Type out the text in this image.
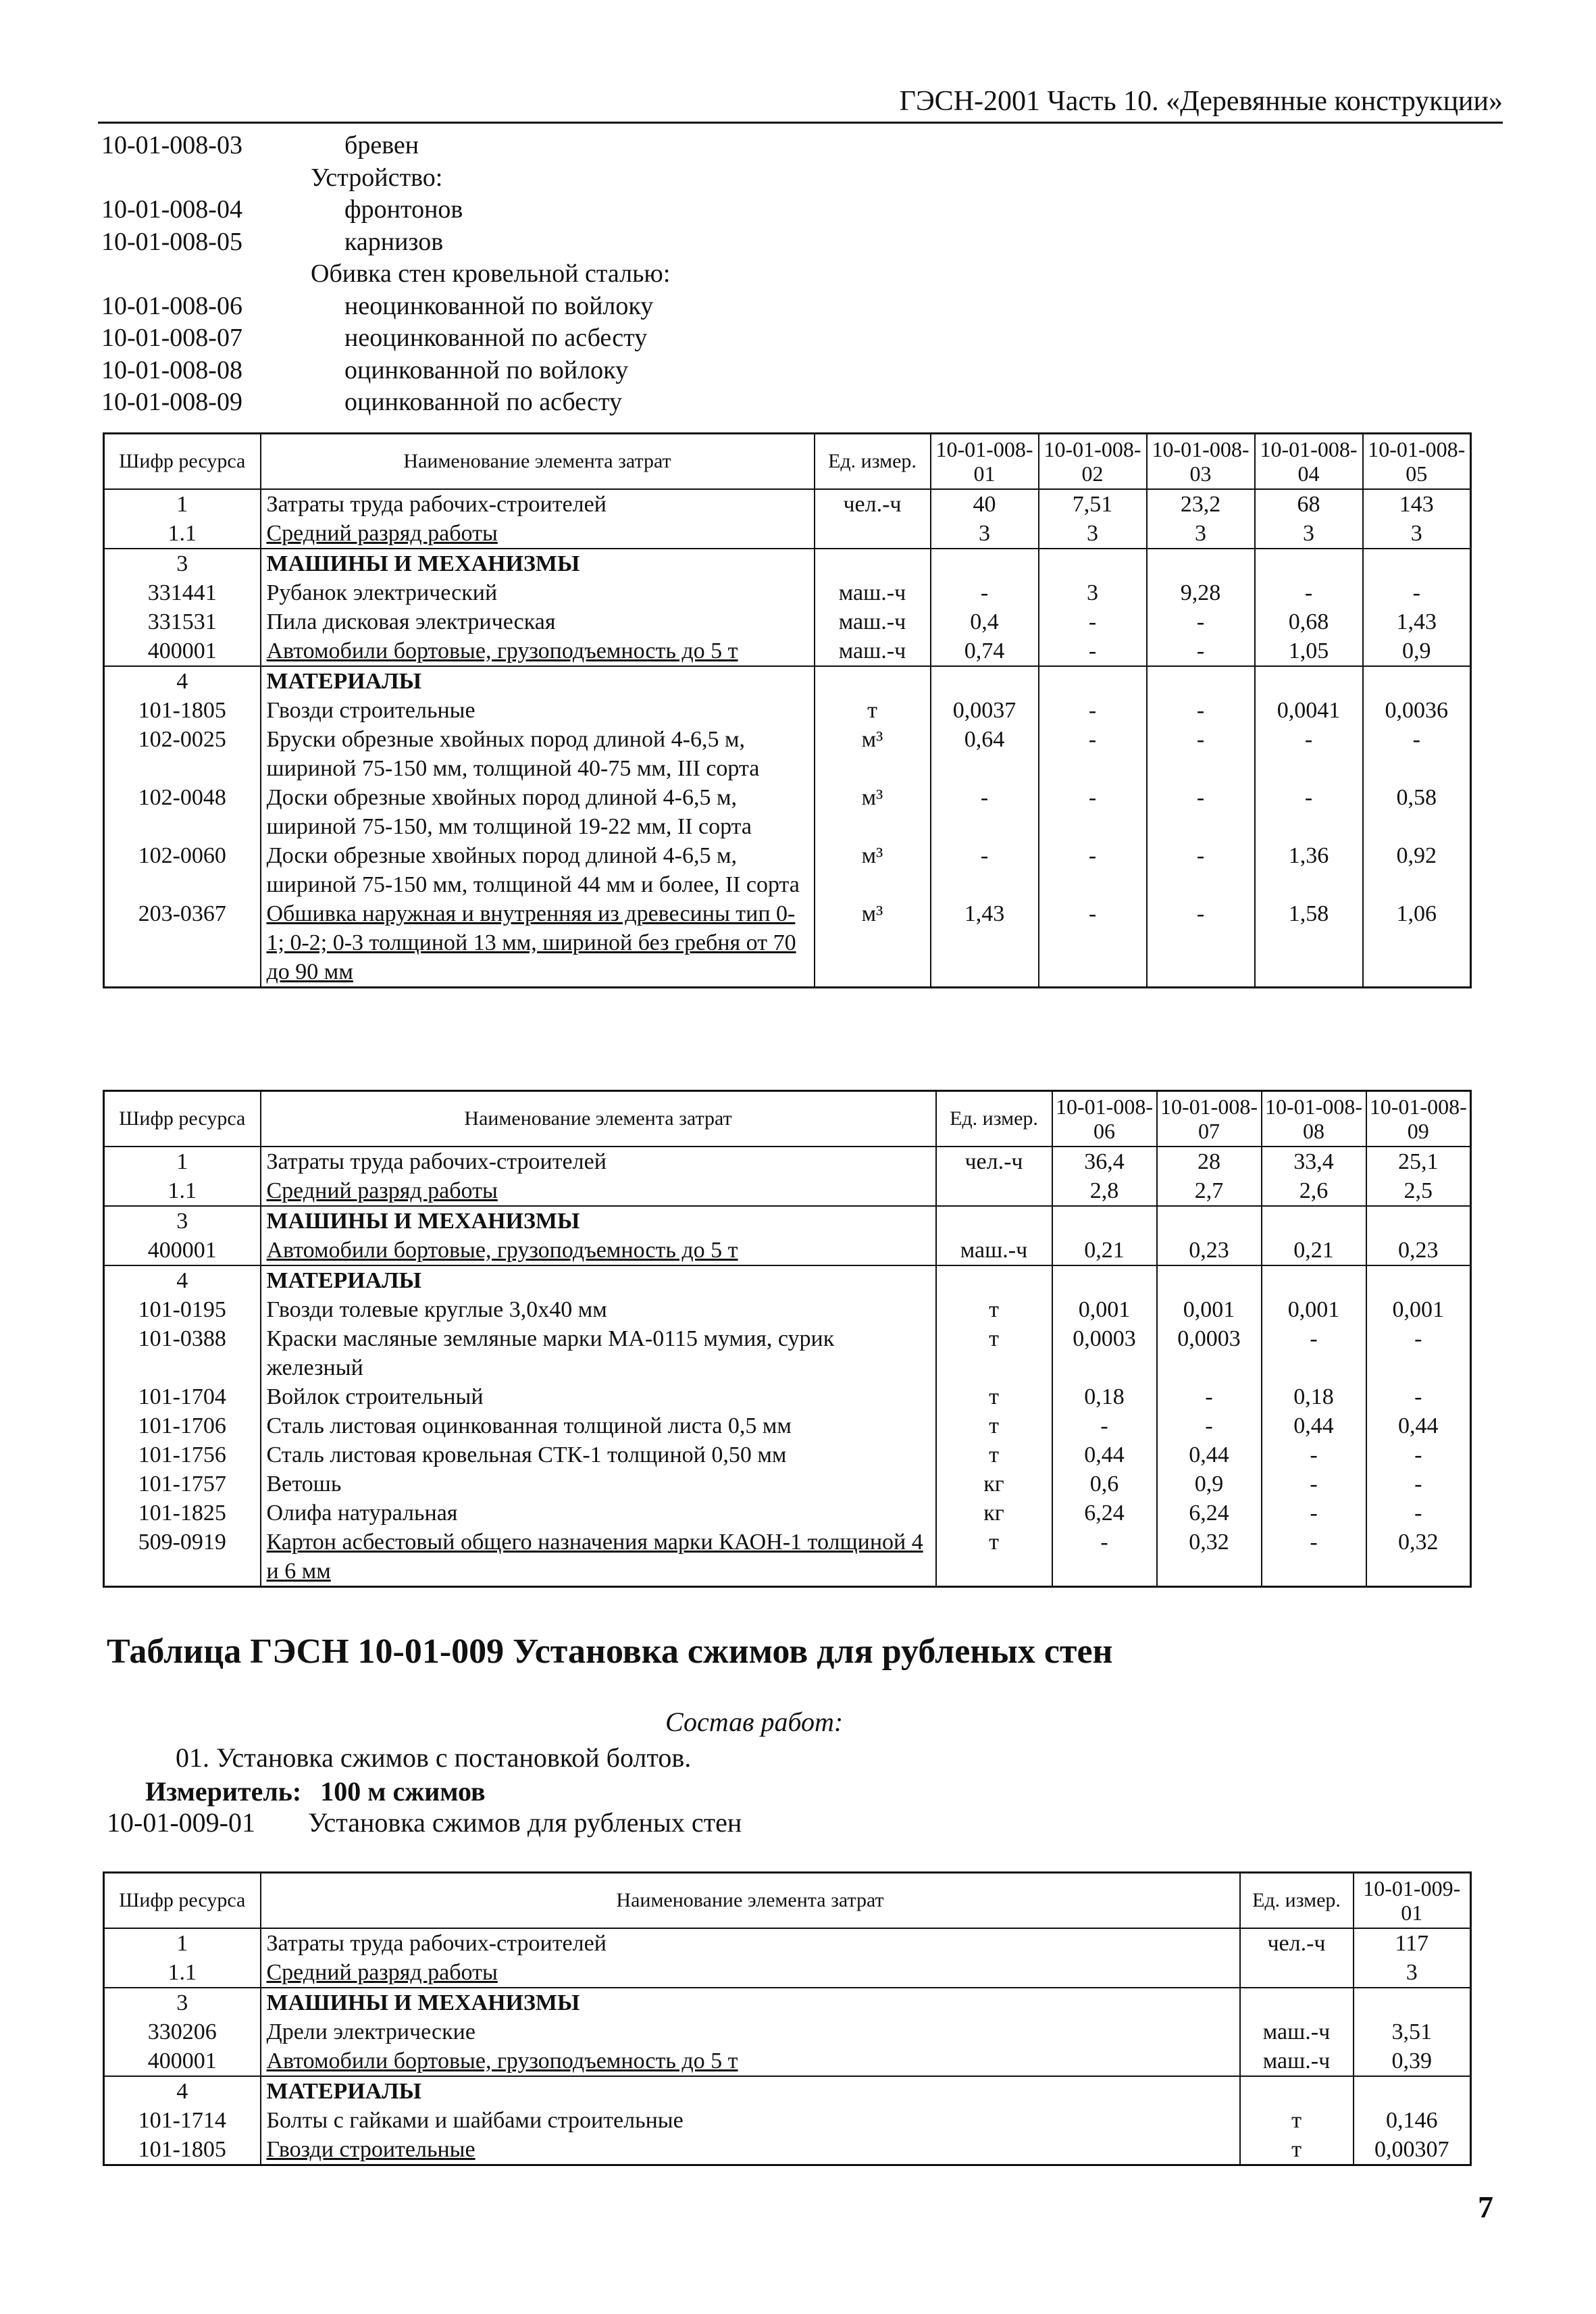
ГЭСН-2001 Часть 10. «Деревянные конструкции»
10-01-008-03	бревен
Устройство:
10-01-008-04	фронтонов
10-01-008-05	карнизов
Обивка стен кровельной сталью:
10-01-008-06	неоцинкованной по войлоку
10-01-008-07	неоцинкованной по асбесту
10-01-008-08	оцинкованной по войлоку
10-01-008-09	оцинкованной по асбесту
Шифр ресурса	Наименование элемента затрат	Ед. измер.	10-01-008-01	10-01-008-02	10-01-008-03	10-01-008-04	10-01-008-05
1	Затраты труда рабочих-строителей	чел.-ч	40	7,51	23,2	68	143
1.1	Средний разряд работы		3	3	3	3	3
3	МАШИНЫ И МЕХАНИЗМЫ						
331441	Рубанок электрический	маш.-ч	-	3	9,28	-	-
331531	Пила дисковая электрическая	маш.-ч	0,4	-	-	0,68	1,43
400001	Автомобили бортовые, грузоподъемность до 5 т	маш.-ч	0,74	-	-	1,05	0,9
4	МАТЕРИАЛЫ						
101-1805	Гвозди строительные	т	0,0037	-	-	0,0041	0,0036
102-0025	Бруски обрезные хвойных пород длиной 4-6,5 м, шириной 75-150 мм, толщиной 40-75 мм, III сорта	м³	0,64	-	-	-	-
102-0048	Доски обрезные хвойных пород длиной 4-6,5 м, шириной 75-150, мм толщиной 19-22 мм, II сорта	м³	-	-	-	-	0,58
102-0060	Доски обрезные хвойных пород длиной 4-6,5 м, шириной 75-150 мм, толщиной 44 мм и более, II сорта	м³	-	-	-	1,36	0,92
203-0367	Обшивка наружная и внутренняя из древесины тип 0-1; 0-2; 0-3 толщиной 13 мм, шириной без гребня от 70 до 90 мм	м³	1,43	-	-	1,58	1,06
Шифр ресурса	Наименование элемента затрат	Ед. измер.	10-01-008-06	10-01-008-07	10-01-008-08	10-01-008-09
1	Затраты труда рабочих-строителей	чел.-ч	36,4	28	33,4	25,1
1.1	Средний разряд работы		2,8	2,7	2,6	2,5
3	МАШИНЫ И МЕХАНИЗМЫ					
400001	Автомобили бортовые, грузоподъемность до 5 т	маш.-ч	0,21	0,23	0,21	0,23
4	МАТЕРИАЛЫ					
101-0195	Гвозди толевые круглые 3,0х40 мм	т	0,001	0,001	0,001	0,001
101-0388	Краски масляные земляные марки МА-0115 мумия, сурик железный	т	0,0003	0,0003	-	-
101-1704	Войлок строительный	т	0,18	-	0,18	-
101-1706	Сталь листовая оцинкованная толщиной листа 0,5 мм	т	-	-	0,44	0,44
101-1756	Сталь листовая кровельная СТК-1 толщиной 0,50 мм	т	0,44	0,44	-	-
101-1757	Ветошь	кг	0,6	0,9	-	-
101-1825	Олифа натуральная	кг	6,24	6,24	-	-
509-0919	Картон асбестовый общего назначения марки КАОН-1 толщиной 4 и 6 мм	т	-	0,32	-	0,32
Таблица ГЭСН 10-01-009 Установка сжимов для рубленых стен
Состав работ:
01. Установка сжимов с постановкой болтов.
Измеритель: 100 м сжимов
10-01-009-01 Установка сжимов для рубленых стен
Шифр ресурса	Наименование элемента затрат	Ед. измер.	10-01-009-01
1	Затраты труда рабочих-строителей	чел.-ч	117
1.1	Средний разряд работы		3
3	МАШИНЫ И МЕХАНИЗМЫ		
330206	Дрели электрические	маш.-ч	3,51
400001	Автомобили бортовые, грузоподъемность до 5 т	маш.-ч	0,39
4	МАТЕРИАЛЫ		
101-1714	Болты с гайками и шайбами строительные	т	0,146
101-1805	Гвозди строительные	т	0,00307
7
